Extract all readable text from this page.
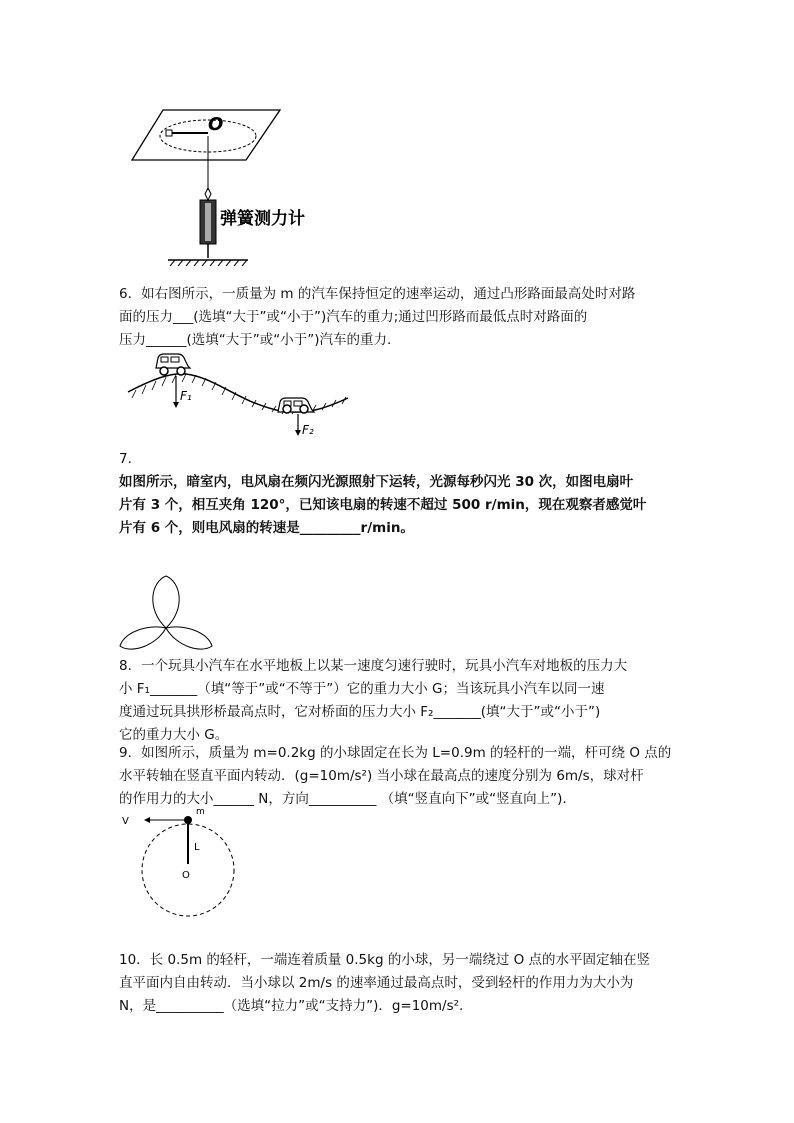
O
弹簧测力计

6．如右图所示，一质量为 m 的汽车保持恒定的速率运动，通过凸形路面最高处时对路

面的压力___(选填“大于”或“小于”)汽车的重力;通过凹形路而最低点时对路面的

压力______(选填“大于”或“小于”)汽车的重力.

F₁
F₂

7.

如图所示，暗室内，电风扇在频闪光源照射下运转，光源每秒闪光 30 次，如图电扇叶

片有 3 个，相互夹角 120°，已知该电扇的转速不超过 500 r/min，现在观察者感觉叶

片有 6 个，则电风扇的转速是_________r/min。

8．一个玩具小汽车在水平地板上以某一速度匀速行驶时，玩具小汽车对地板的压力大

小 F₁_______（填“等于”或“不等于”）它的重力大小 G；当该玩具小汽车以同一速

度通过玩具拱形桥最高点时，它对桥面的压力大小 F₂_______(填“大于”或“小于”)

它的重力大小 G。

9．如图所示，质量为 m=0.2kg 的小球固定在长为 L=0.9m 的轻杆的一端，杆可绕 O 点的

水平转轴在竖直平面内转动．(g=10m/s²) 当小球在最高点的速度分别为 6m/s，球对杆

的作用力的大小______ N，方向__________ （填“竖直向下”或“竖直向上”).

V
m
L
O

10．长 0.5m 的轻杆，一端连着质量 0.5kg 的小球，另一端绕过 O 点的水平固定轴在竖

直平面内自由转动．当小球以 2m/s 的速率通过最高点时，受到轻杆的作用力为大小为

N，是__________（选填“拉力”或“支持力”)．g=10m/s².
